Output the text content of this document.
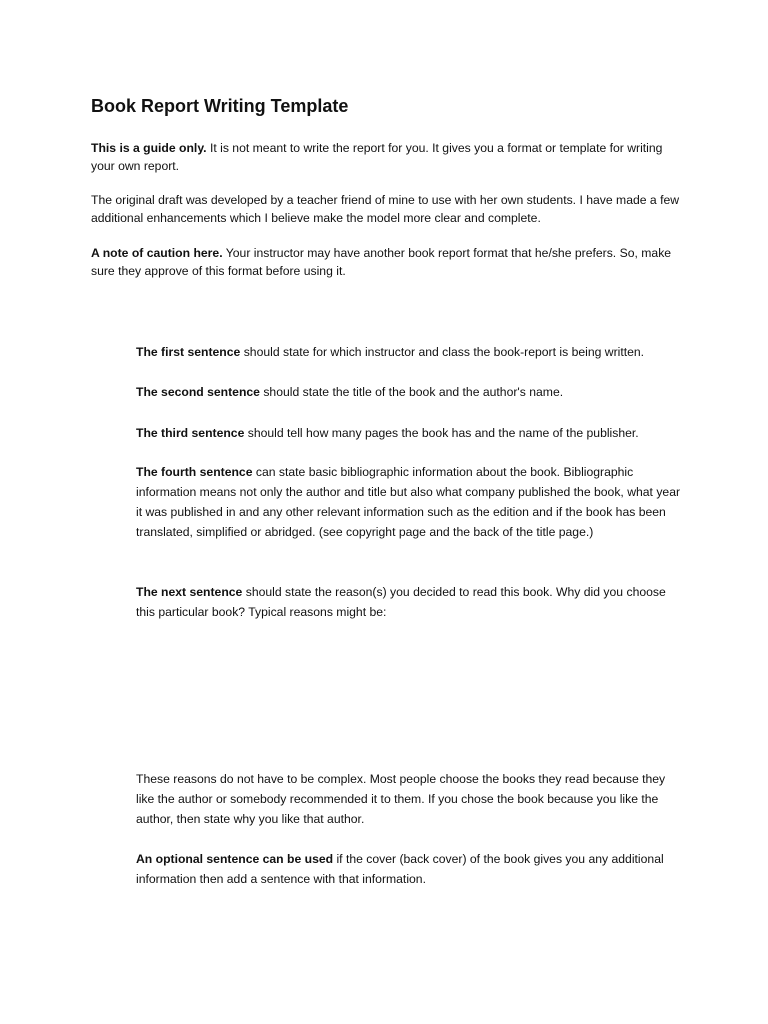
Book Report Writing Template

This is a guide only. It is not meant to write the report for you. It gives you a format or template for writing your own report.

The original draft was developed by a teacher friend of mine to use with her own students. I have made a few additional enhancements which I believe make the model more clear and complete.

A note of caution here. Your instructor may have another book report format that he/she prefers. So, make sure they approve of this format before using it.

The first sentence should state for which instructor and class the book-report is being written.

The second sentence should state the title of the book and the author's name.

The third sentence should tell how many pages the book has and the name of the publisher.

The fourth sentence can state basic bibliographic information about the book. Bibliographic information means not only the author and title but also what company published the book, what year it was published in and any other relevant information such as the edition and if the book has been translated, simplified or abridged. (see copyright page and the back of the title page.)

The next sentence should state the reason(s) you decided to read this book. Why did you choose this particular book? Typical reasons might be:

These reasons do not have to be complex. Most people choose the books they read because they like the author or somebody recommended it to them. If you chose the book because you like the author, then state why you like that author.

An optional sentence can be used if the cover (back cover) of the book gives you any additional information then add a sentence with that information.
